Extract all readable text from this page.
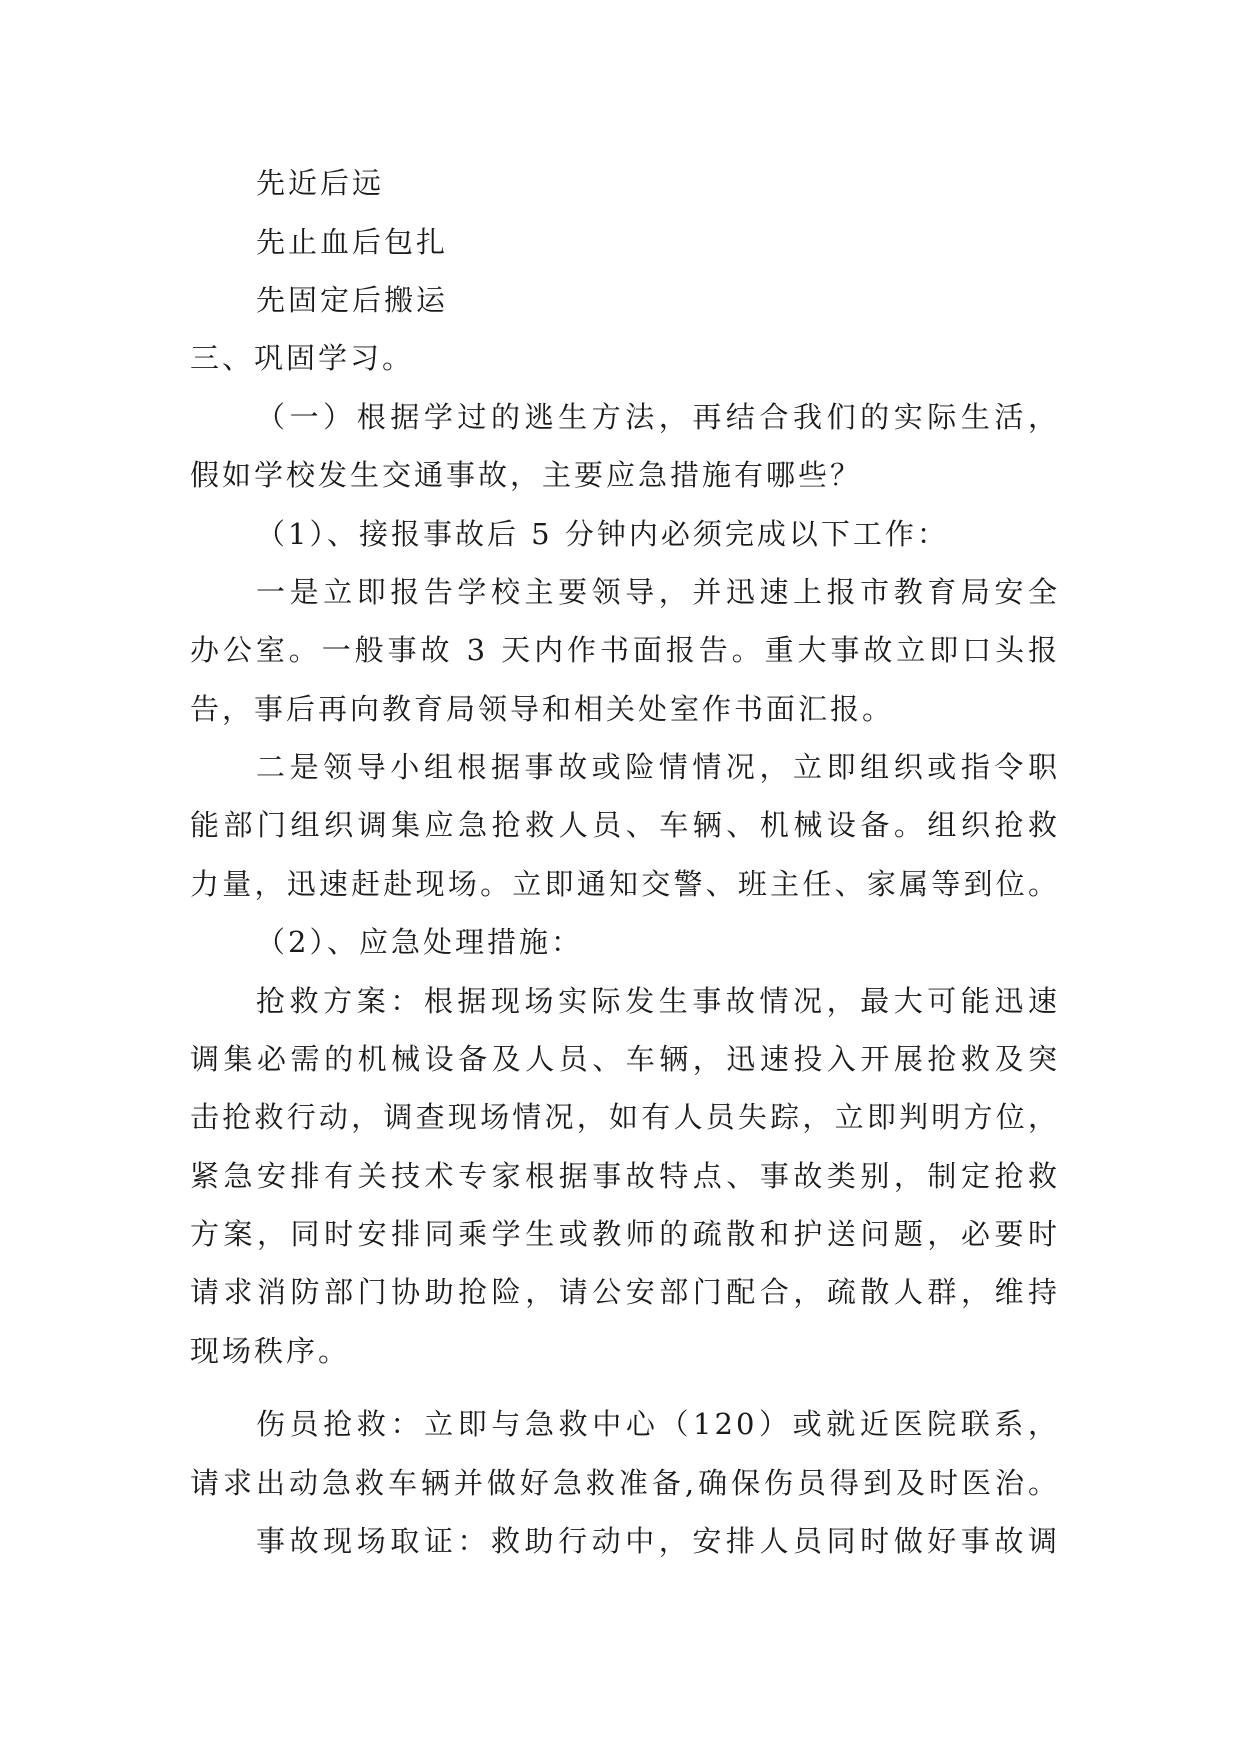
先近后远
先止血后包扎
先固定后搬运
三、巩固学习。
（一）根据学过的逃生方法，再结合我们的实际生活，
假如学校发生交通事故，主要应急措施有哪些？
（1）、接报事故后 5 分钟内必须完成以下工作：
一是立即报告学校主要领导，并迅速上报市教育局安全
办公室。一般事故 3 天内作书面报告。重大事故立即口头报
告，事后再向教育局领导和相关处室作书面汇报。
二是领导小组根据事故或险情情况，立即组织或指令职
能部门组织调集应急抢救人员、车辆、机械设备。组织抢救
力量，迅速赶赴现场。立即通知交警、班主任、家属等到位。
（2）、应急处理措施：
抢救方案：根据现场实际发生事故情况，最大可能迅速
调集必需的机械设备及人员、车辆，迅速投入开展抢救及突
击抢救行动，调查现场情况，如有人员失踪，立即判明方位，
紧急安排有关技术专家根据事故特点、事故类别，制定抢救
方案，同时安排同乘学生或教师的疏散和护送问题，必要时
请求消防部门协助抢险，请公安部门配合，疏散人群，维持
现场秩序。
伤员抢救：立即与急救中心（120）或就近医院联系，
请求出动急救车辆并做好急救准备,确保伤员得到及时医治。
事故现场取证：救助行动中，安排人员同时做好事故调
